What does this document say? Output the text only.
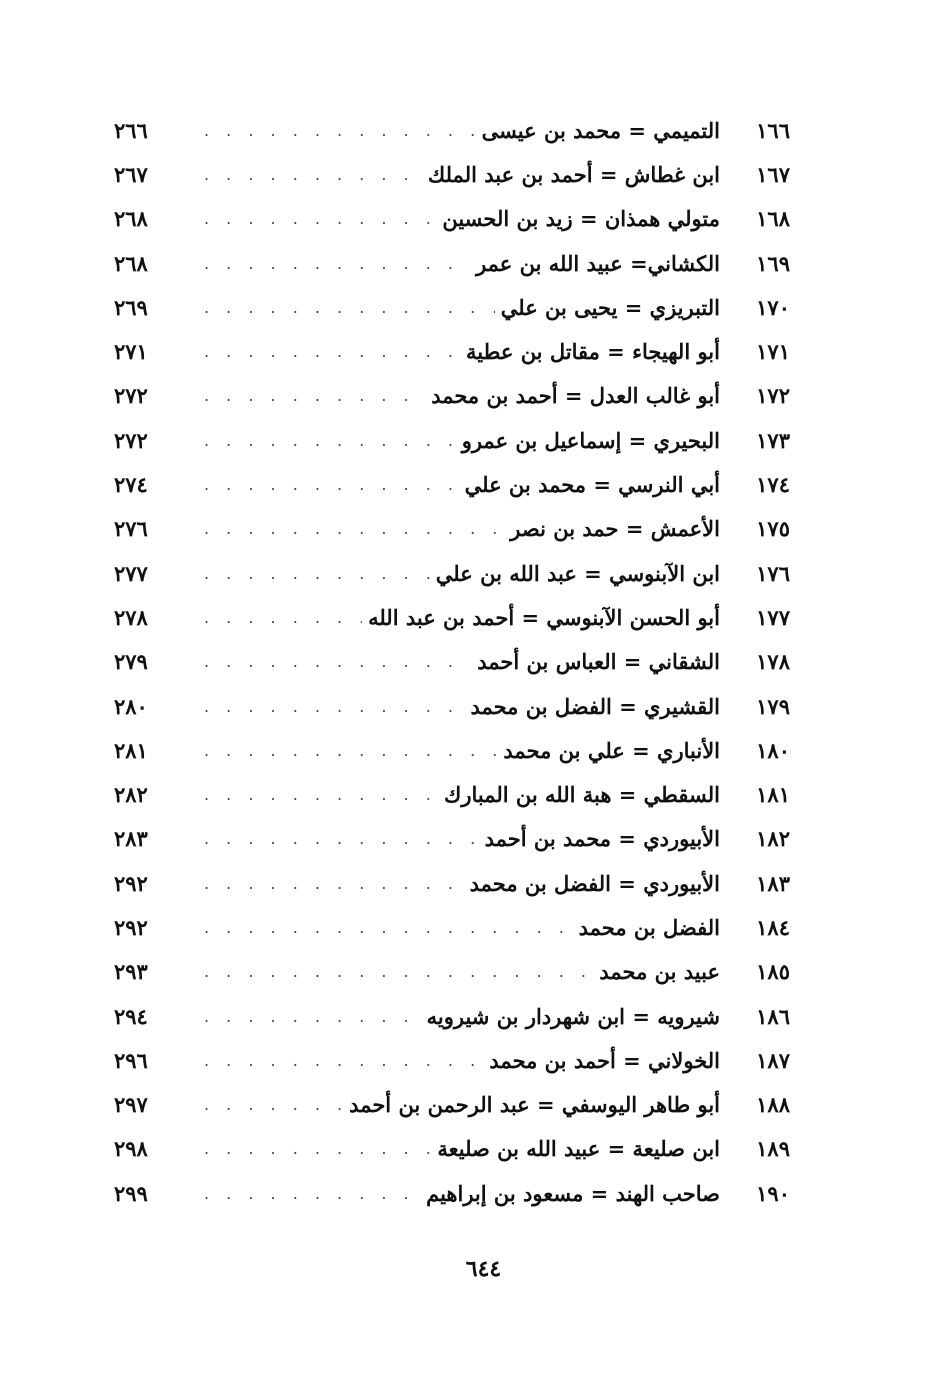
١٦٦
التميمي = محمد بن عيسى
. . .
٢٦٦
١٦٧
ابن غطاش = أحمد بن عبد الملك
. . .
٢٦٧
١٦٨
متولي همذان = زيد بن الحسين
. . .
٢٦٨
١٦٩
الكشاني= عبيد الله بن عمر
. . .
٢٦٨
١٧٠
التبريزي = يحيى بن علي
. . .
٢٦٩
١٧١
أبو الهيجاء = مقاتل بن عطية
. . .
٢٧١
١٧٢
أبو غالب العدل = أحمد بن محمد
. . .
٢٧٢
١٧٣
البحيري = إسماعيل بن عمرو
. . .
٢٧٢
١٧٤
أبي النرسي = محمد بن علي
. . .
٢٧٤
١٧٥
الأعمش = حمد بن نصر
. . .
٢٧٦
١٧٦
ابن الآبنوسي = عبد الله بن علي
. . .
٢٧٧
١٧٧
أبو الحسن الآبنوسي = أحمد بن عبد الله
. . .
٢٧٨
١٧٨
الشقاني = العباس بن أحمد
. . .
٢٧٩
١٧٩
القشيري = الفضل بن محمد
. . .
٢٨٠
١٨٠
الأنباري = علي بن محمد
. . .
٢٨١
١٨١
السقطي = هبة الله بن المبارك
. . .
٢٨٢
١٨٢
الأبيوردي = محمد بن أحمد
. . .
٢٨٣
١٨٣
الأبيوردي = الفضل بن محمد
. . .
٢٩٢
١٨٤
الفضل بن محمد
. . .
٢٩٢
١٨٥
عبيد بن محمد
. . .
٢٩٣
١٨٦
شيرويه = ابن شهردار بن شيرويه
. . .
٢٩٤
١٨٧
الخولاني = أحمد بن محمد
. . .
٢٩٦
١٨٨
أبو طاهر اليوسفي = عبد الرحمن بن أحمد
. . .
٢٩٧
١٨٩
ابن صليعة = عبيد الله بن صليعة
. . .
٢٩٨
١٩٠
صاحب الهند = مسعود بن إبراهيم
. . .
٢٩٩
٦٤٤
